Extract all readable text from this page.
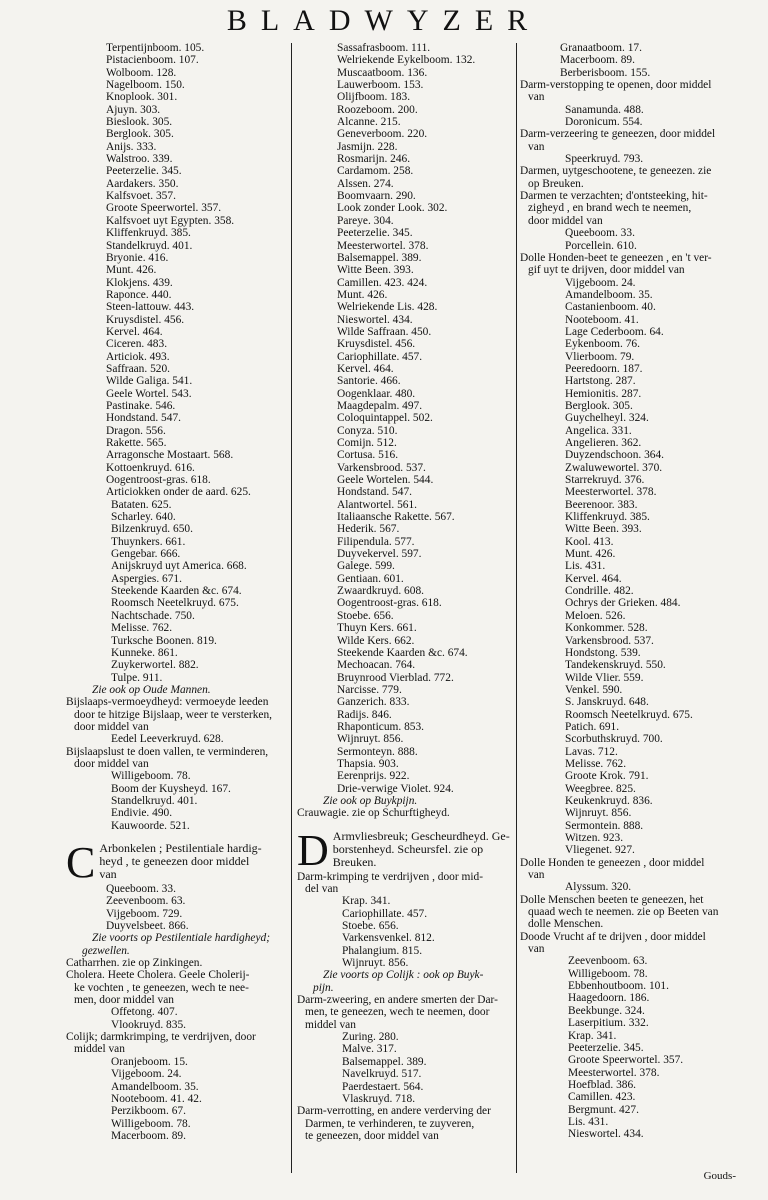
BLADWYZER
Terpentijnboom. 105.
Pistacienboom. 107.
Wolboom. 128.
Nagelboom. 150.
Knoplook. 301.
Ajuyn. 303.
Bieslook. 305.
Berglook. 305.
Anijs. 333.
Walstroo. 339.
Peeterzelie. 345.
Aardakers. 350.
Kalfsvoet. 357.
Groote Speerwortel. 357.
Kalfsvoet uyt Egypten. 358.
Kliffenkruyd. 385.
Standelkruyd. 401.
Bryonie. 416.
Munt. 426.
Klokjens. 439.
Raponce. 440.
Steen-lattouw. 443.
Kruysdistel. 456.
Kervel. 464.
Ciceren. 483.
Articiok. 493.
Saffraan. 520.
Wilde Galiga. 541.
Geele Wortel. 543.
Pastinake. 546.
Hondstand. 547.
Dragon. 556.
Rakette. 565.
Arragonsche Mostaart. 568.
Kottoenkruyd. 616.
Oogentroost-gras. 618.
Articiokken onder de aard. 625.
Bataten. 625.
Scharley. 640.
Bilzenkruyd. 650.
Thuynkers. 661.
Gengebar. 666.
Anijskruyd uyt America. 668.
Aspergies. 671.
Steekende Kaarden &c. 674.
Roomsch Neetelkruyd. 675.
Nachtschade. 750.
Melisse. 762.
Turksche Boonen. 819.
Kunneke. 861.
Zuykerwortel. 882.
Tulpe. 911.
Zie ook op Oude Mannen.
Bijslaaps-vermoeydheyd: vermoeyde leeden
door te hitzige Bijslaap, weer te versterken,
door middel van
Eedel Leeverkruyd. 628.
Bijslaapslust te doen vallen, te verminderen,
door middel van
Willigeboom. 78.
Boom der Kuysheyd. 167.
Standelkruyd. 401.
Endivie. 490.
Kauwoorde. 521.
C Arbonkelen ; Pestilentiale hardig-
heyd , te geneezen door middel
van
Queeboom. 33.
Zeevenboom. 63.
Vijgeboom. 729.
Duyvelsbeet. 866.
Zie voorts op Pestilentiale hardigheyd;
gezwellen.
Catharrhen. zie op Zinkingen.
Cholera. Heete Cholera. Geele Cholerij-
ke vochten , te geneezen, wech te nee-
men, door middel van
Offetong. 407.
Vlookruyd. 835.
Colijk; darmkrimping, te verdrijven, door
middel van
Oranjeboom. 15.
Vijgeboom. 24.
Amandelboom. 35.
Nooteboom. 41. 42.
Perzikboom. 67.
Willigeboom. 78.
Macerboom. 89.
Sassafrasboom. 111.
Welriekende Eykelboom. 132.
Muscaatboom. 136.
Lauwerboom. 153.
Olijfboom. 183.
Roozeboom. 200.
Alcanne. 215.
Geneverboom. 220.
Jasmijn. 228.
Rosmarijn. 246.
Cardamom. 258.
Alssen. 274.
Boomvaarn. 290.
Look zonder Look. 302.
Pareye. 304.
Peeterzelie. 345.
Meesterwortel. 378.
Balsemappel. 389.
Witte Been. 393.
Camillen. 423. 424.
Munt. 426.
Welriekende Lis. 428.
Nieswortel. 434.
Wilde Saffraan. 450.
Kruysdistel. 456.
Cariophillate. 457.
Kervel. 464.
Santorie. 466.
Oogenklaar. 480.
Maagdepalm. 497.
Coloquintappel. 502.
Conyza. 510.
Comijn. 512.
Cortusa. 516.
Varkensbrood. 537.
Geele Wortelen. 544.
Hondstand. 547.
Alantwortel. 561.
Italiaansche Rakette. 567.
Hederik. 567.
Filipendula. 577.
Duyvekervel. 597.
Galege. 599.
Gentiaan. 601.
Zwaardkruyd. 608.
Oogentroost-gras. 618.
Stoebe. 656.
Thuyn Kers. 661.
Wilde Kers. 662.
Steekende Kaarden &c. 674.
Mechoacan. 764.
Bruynrood Vierblad. 772.
Narcisse. 779.
Ganzerich. 833.
Radijs. 846.
Rhaponticum. 853.
Wijnruyt. 856.
Sermonteyn. 888.
Thapsia. 903.
Eerenprijs. 922.
Drie-verwige Violet. 924.
Zie ook op Buykpijn.
Crauwagie. zie op Schurftigheyd.
D Armvliesbreuk; Gescheurdheyd. Ge-
borstenheyd. Scheursfel. zie op
Breuken.
Darm-krimping te verdrijven , door mid-
del van
Krap. 341.
Cariophillate. 457.
Stoebe. 656.
Varkensvenkel. 812.
Phalangium. 815.
Wijnruyt. 856.
Zie voorts op Colijk : ook op Buyk-
pijn.
Darm-zweering, en andere smerten der Dar-
men, te geneezen, wech te neemen, door
middel van
Zuring. 280.
Malve. 317.
Balsemappel. 389.
Navelkruyd. 517.
Paerdestaert. 564.
Vlaskruyd. 718.
Darm-verrotting, en andere verderving der
Darmen, te verhinderen, te zuyveren,
te geneezen, door middel van
Granaatboom. 17.
Macerboom. 89.
Berberisboom. 155.
Darm-verstopping te openen, door middel
van
Sanamunda. 488.
Doronicum. 554.
Darm-verzeering te geneezen, door middel
van
Speerkruyd. 793.
Darmen, uytgeschootene, te geneezen. zie
op Breuken.
Darmen te verzachten; d'ontsteeking, hit-
zigheyd , en brand wech te neemen,
door middel van
Queeboom. 33.
Porcellein. 610.
Dolle Honden-beet te geneezen , en 't ver-
gif uyt te drijven, door middel van
Vijgeboom. 24.
Amandelboom. 35.
Castanienboom. 40.
Nooteboom. 41.
Lage Cederboom. 64.
Eykenboom. 76.
Vlierboom. 79.
Peeredoorn. 187.
Hartstong. 287.
Hemionitis. 287.
Berglook. 305.
Guychelheyl. 324.
Angelica. 331.
Angelieren. 362.
Duyzendschoon. 364.
Zwaluwewortel. 370.
Starrekruyd. 376.
Meesterwortel. 378.
Beerenoor. 383.
Kliffenkruyd. 385.
Witte Been. 393.
Kool. 413.
Munt. 426.
Lis. 431.
Kervel. 464.
Condrille. 482.
Ochrys der Grieken. 484.
Meloen. 526.
Konkommer. 528.
Varkensbrood. 537.
Hondstong. 539.
Tandekenskruyd. 550.
Wilde Vlier. 559.
Venkel. 590.
S. Janskruyd. 648.
Roomsch Neetelkruyd. 675.
Patich. 691.
Scorbuthskruyd. 700.
Lavas. 712.
Melisse. 762.
Groote Krok. 791.
Weegbree. 825.
Keukenkruyd. 836.
Wijnruyt. 856.
Sermontein. 888.
Witzen. 923.
Vliegenet. 927.
Dolle Honden te geneezen , door middel
van
Alyssum. 320.
Dolle Menschen beeten te geneezen, het
quaad wech te neemen. zie op Beeten van
dolle Menschen.
Doode Vrucht af te drijven , door middel
van
Zeevenboom. 63.
Willigeboom. 78.
Ebbenhoutboom. 101.
Haagedoorn. 186.
Beekbunge. 324.
Laserpitium. 332.
Krap. 341.
Peeterzelie. 345.
Groote Speerwortel. 357.
Meesterwortel. 378.
Hoefblad. 386.
Camillen. 423.
Bergmunt. 427.
Lis. 431.
Nieswortel. 434.
Gouds-
